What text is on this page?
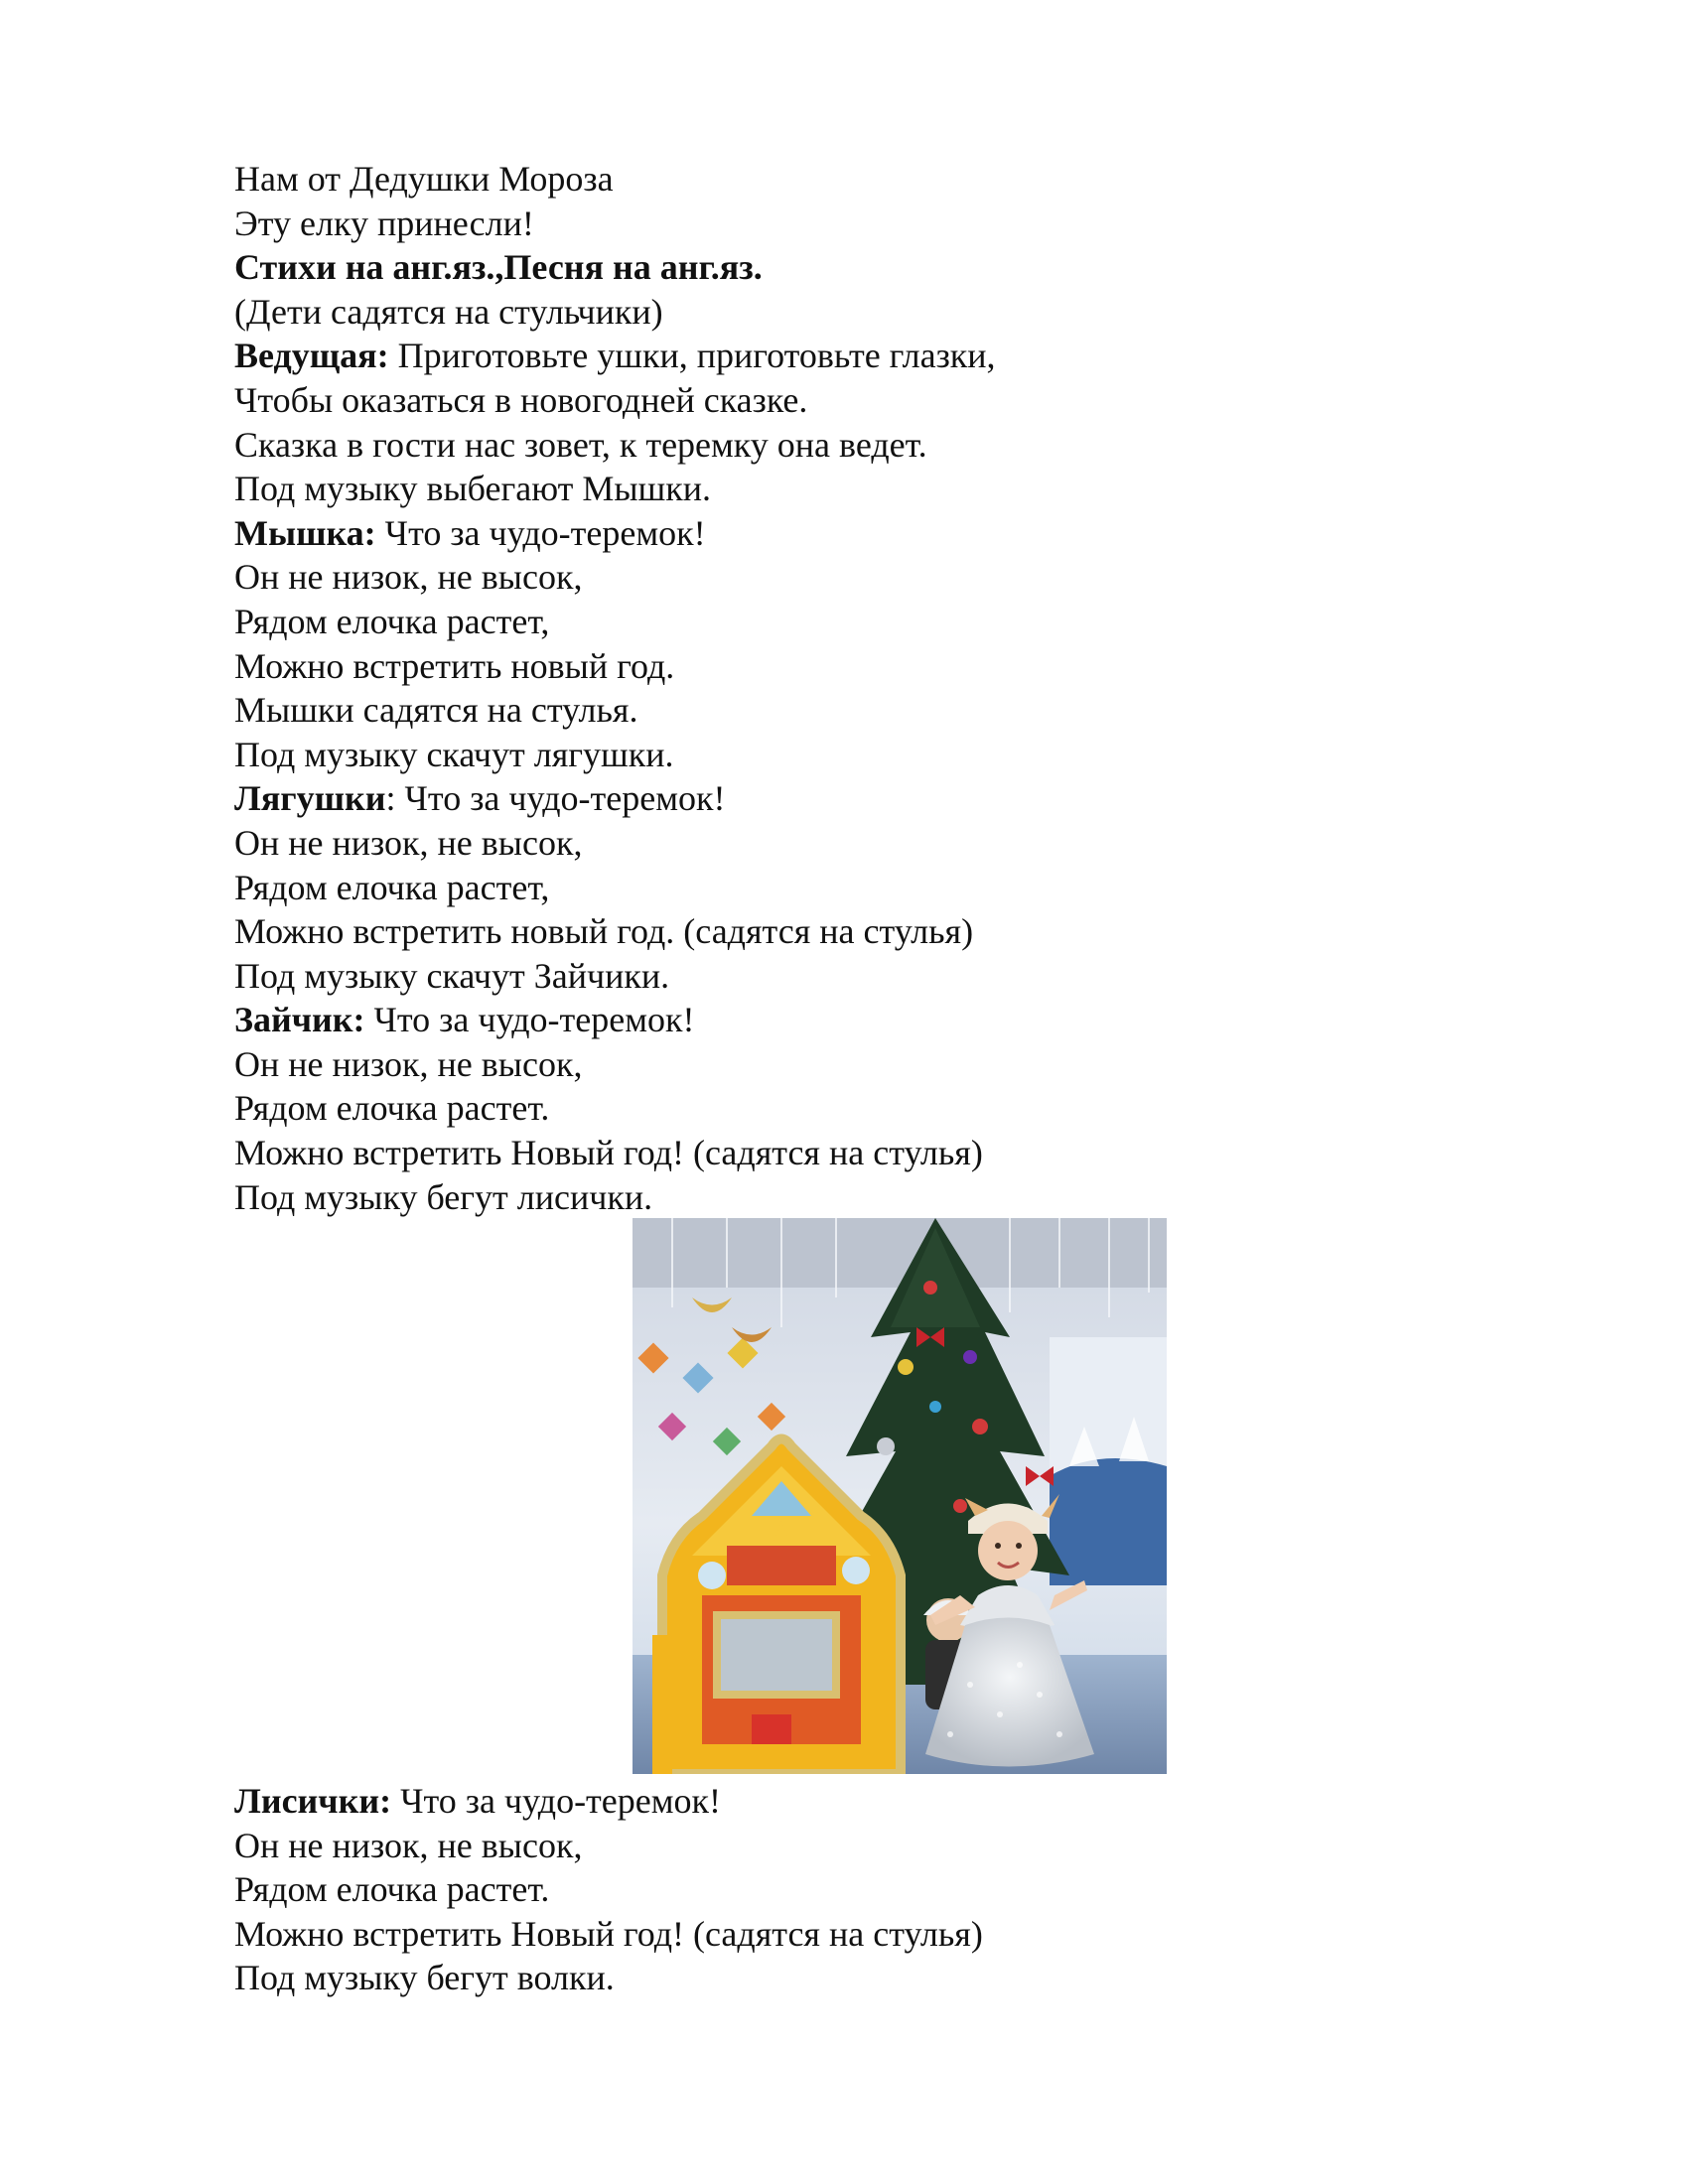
Нам от Дедушки Мороза

Эту елку принесли!

Стихи на анг.яз.,Песня на анг.яз.

(Дети садятся на стульчики)

Ведущая: Приготовьте ушки, приготовьте глазки,

Чтобы оказаться в новогодней сказке.

Сказка в гости нас зовет, к теремку она ведет.

Под музыку выбегают Мышки.

Мышка: Что за чудо-теремок!

Он не низок, не высок,

Рядом елочка растет,

Можно встретить новый год.

Мышки садятся на стулья.

Под музыку скачут лягушки.

Лягушки: Что за чудо-теремок!

Он не низок, не высок,

Рядом елочка растет,

Можно встретить новый год. (садятся на стулья)

Под музыку скачут Зайчики.

Зайчик: Что за чудо-теремок!

Он не низок, не высок,

Рядом елочка растет.

Можно встретить Новый год! (садятся на стулья)

Под музыку бегут лисички.

Лисички: Что за чудо-теремок!

Он не низок, не высок,

Рядом елочка растет.

Можно встретить Новый год! (садятся на стулья)

Под музыку бегут волки.
